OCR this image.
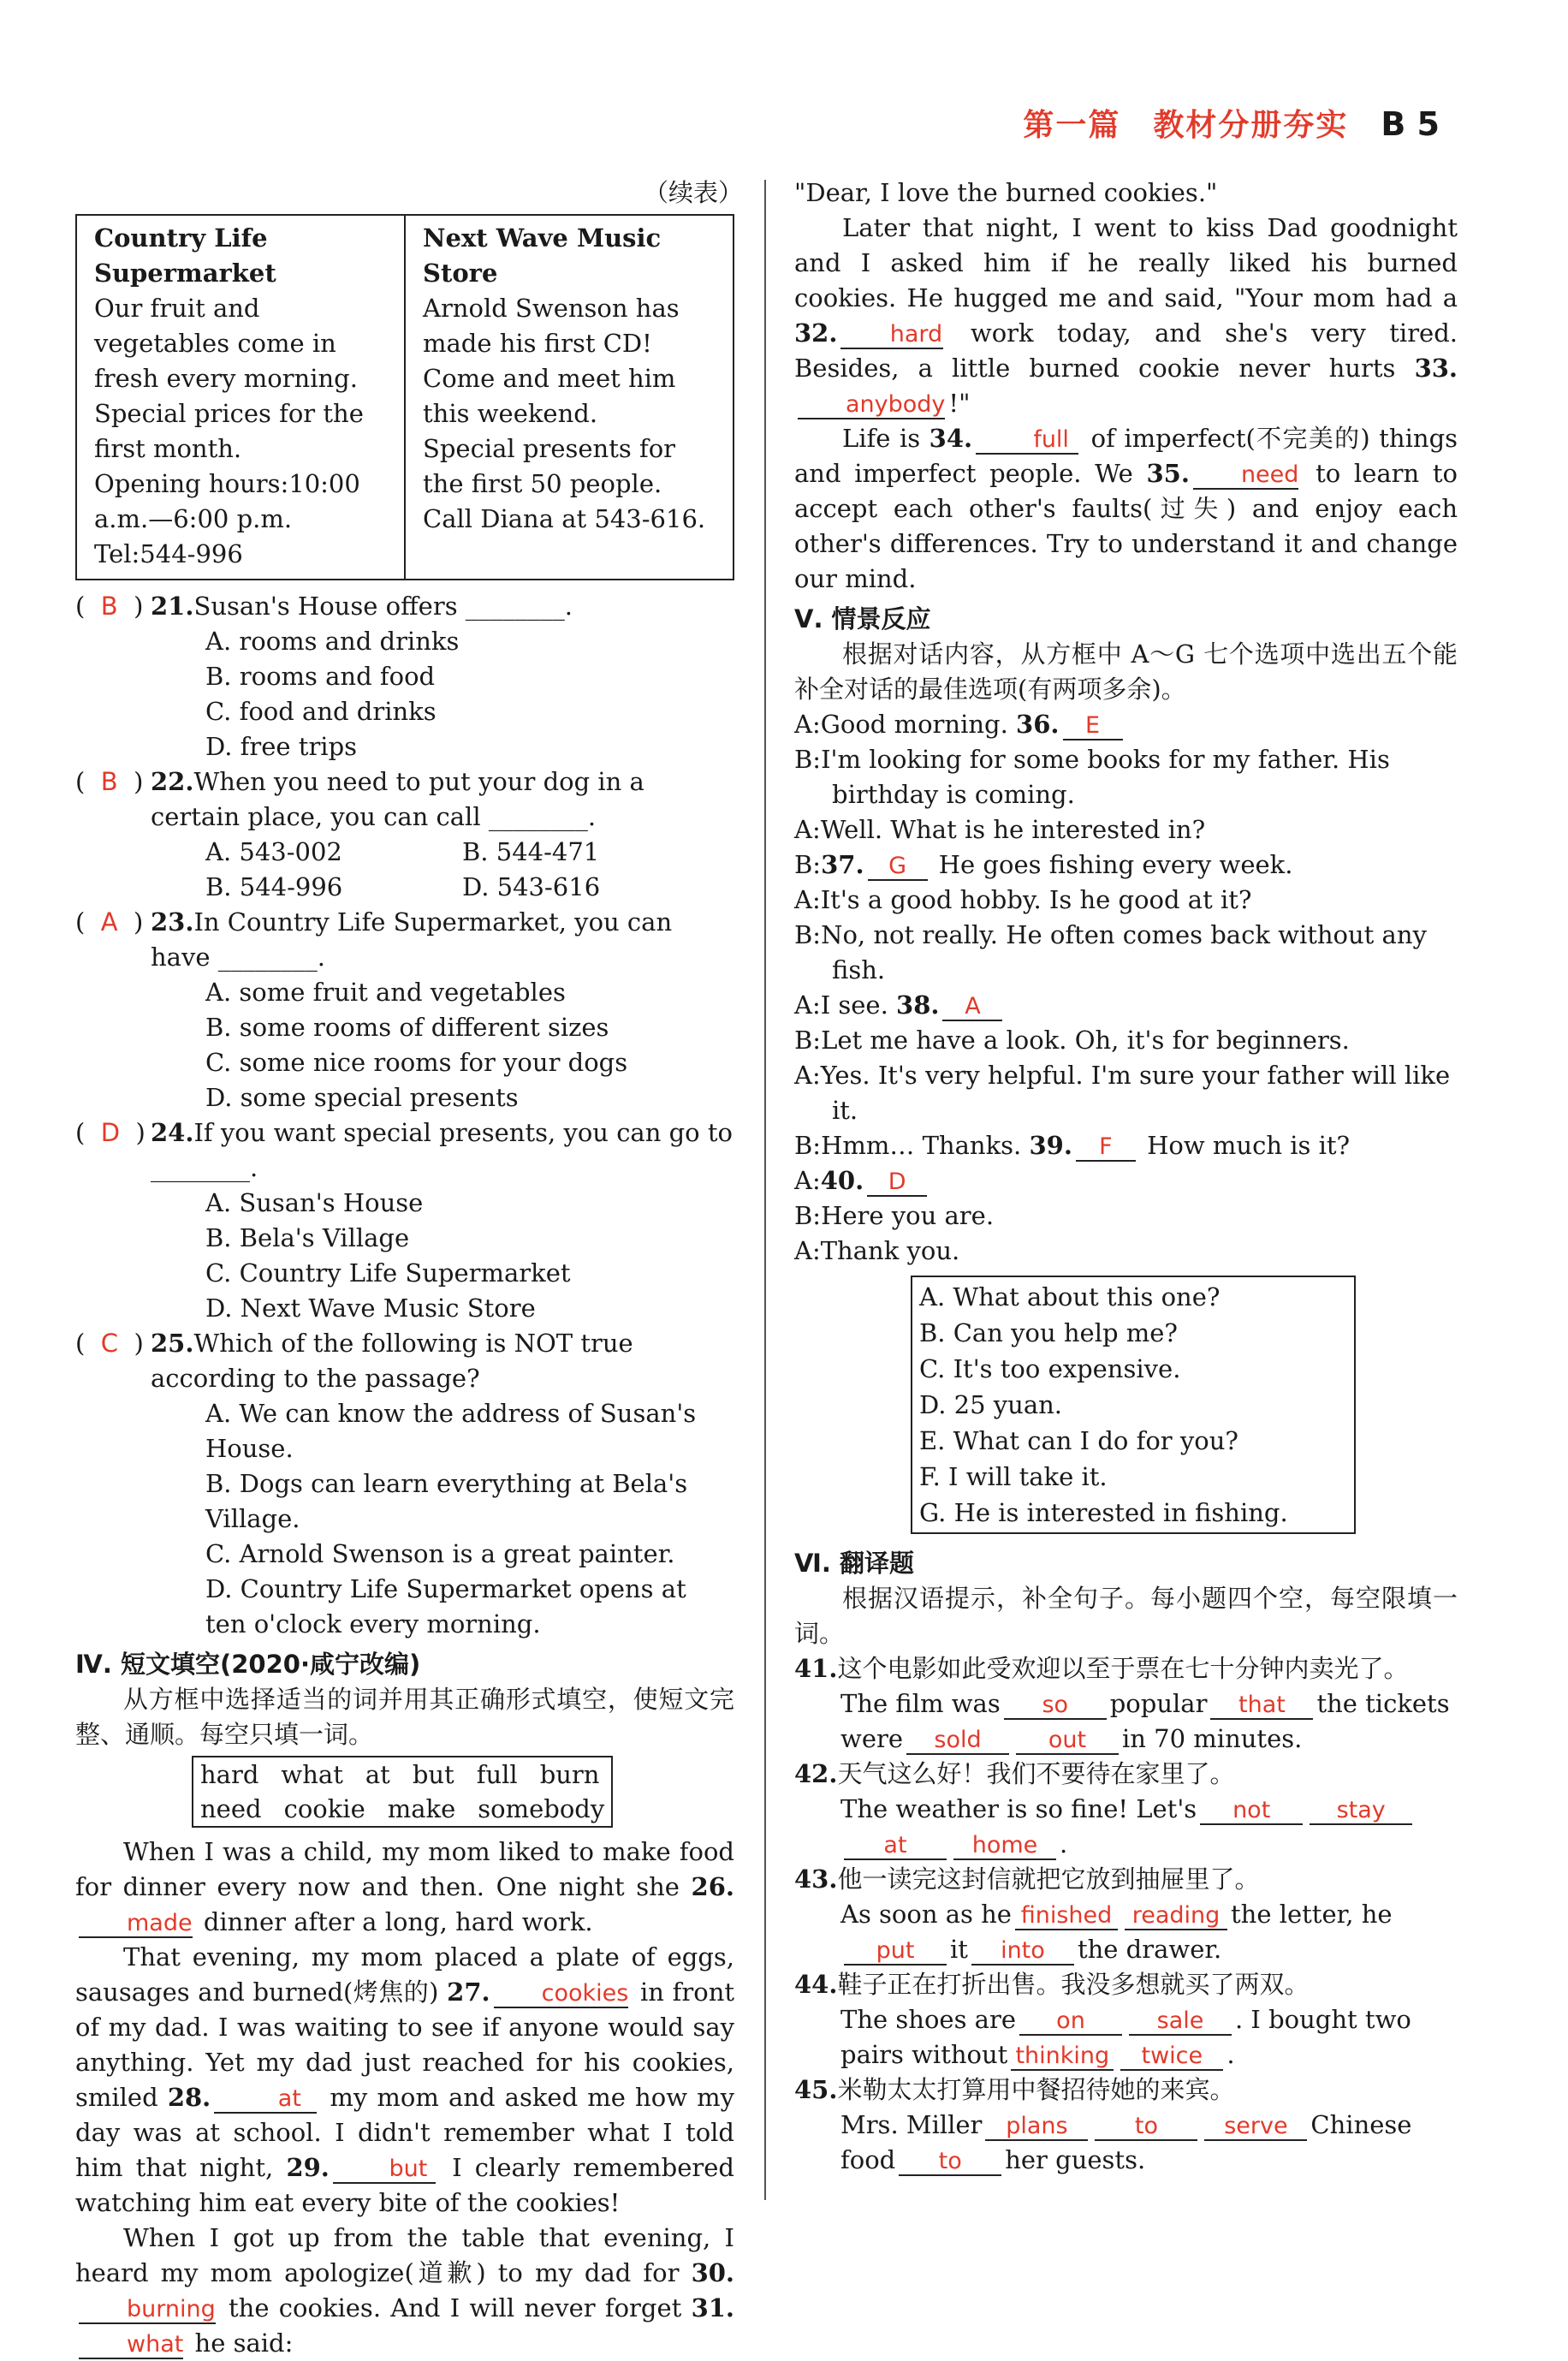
第一篇　教材分册夯实 B 5
（续表）
Country Life Supermarket
Our fruit and vegetables come in fresh every morning.
Special prices for the first month.
Opening hours:10:00 a.m.—6:00 p.m.
Tel:544-996
Next Wave Music Store
Arnold Swenson has made his first CD!
Come and meet him this weekend.
Special presents for the first 50 people.
Call Diana at 543-616.
(  B  ) 21.Susan's House offers ________.
A. rooms and drinks
B. rooms and food
C. food and drinks
D. free trips
(  B  ) 22.When you need to put your dog in a certain place, you can call ________.
A. 543-002	B. 544-471
B. 544-996	D. 543-616
(  A  ) 23.In Country Life Supermarket, you can have ________.
A. some fruit and vegetables
B. some rooms of different sizes
C. some nice rooms for your dogs
D. some special presents
(  D  ) 24.If you want special presents, you can go to ________.
A. Susan's House
B. Bela's Village
C. Country Life Supermarket
D. Next Wave Music Store
(  C  ) 25.Which of the following is NOT true according to the passage?
A. We can know the address of Susan's House.
B. Dogs can learn everything at Bela's Village.
C. Arnold Swenson is a great painter.
D. Country Life Supermarket opens at ten o'clock every morning.
Ⅳ. 短文填空(2020·咸宁改编)
从方框中选择适当的词并用其正确形式填空，使短文完整、通顺。每空只填一词。
hard what at but full burn
need cookie make somebody
When I was a child, my mom liked to make food for dinner every now and then. One night she 26.made dinner after a long, hard work.
That evening, my mom placed a plate of eggs, sausages and burned(烤焦的) 27. cookies in front of my dad. I was waiting to see if anyone would say anything. Yet my dad just reached for his cookies, smiled 28.	at my mom and asked me how my day was at school. I didn't remember what I told him that night, 29.	but I clearly remembered watching him eat every bite of the cookies!
When I got up from the table that evening, I heard my mom apologize(道歉) to my dad for 30.burning the cookies. And I will never forget 31.what he said:
"Dear, I love the burned cookies."
Later that night, I went to kiss Dad goodnight and I asked him if he really liked his burned cookies. He hugged me and said, "Your mom had a 32. hard work today, and she's very tired. Besides, a little burned cookie never hurts 33.anybody !"
Life is 34.	full of imperfect(不完美的) things and imperfect people. We 35. need to learn to accept each other's faults(过失) and enjoy each other's differences. Try to understand it and change our mind.
Ⅴ. 情景反应
根据对话内容，从方框中 A～G 七个选项中选出五个能补全对话的最佳选项(有两项多余)。
A:Good morning. 36. E
B:I'm looking for some books for my father. His birthday is coming.
A:Well. What is he interested in?
B:37. G He goes fishing every week.
A:It's a good hobby. Is he good at it?
B:No, not really. He often comes back without any fish.
A:I see. 38. A
B:Let me have a look. Oh, it's for beginners.
A:Yes. It's very helpful. I'm sure your father will like it.
B:Hmm… Thanks. 39. F How much is it?
A:40. D
B:Here you are.
A:Thank you.
A. What about this one?
B. Can you help me?
C. It's too expensive.
D. 25 yuan.
E. What can I do for you?
F. I will take it.
G. He is interested in fishing.
Ⅵ. 翻译题
根据汉语提示，补全句子。每小题四个空，每空限填一词。
41.这个电影如此受欢迎以至于票在七十分钟内卖光了。
The film was so popular that the tickets were sold	out in 70 minutes.
42.天气这么好！我们不要待在家里了。
The weather is so fine! Let's not	stayat	home .
43.他一读完这封信就把它放到抽屉里了。
As soon as he finished reading the letter, heput it into the drawer.
44.鞋子正在打折出售。我没多想就买了两双。
The shoes are on	sale . I bought two pairs without thinking twice .
45.米勒太太打算用中餐招待她的来宾。
Mrs. Miller plans	to	serve Chinese food to her guests.
